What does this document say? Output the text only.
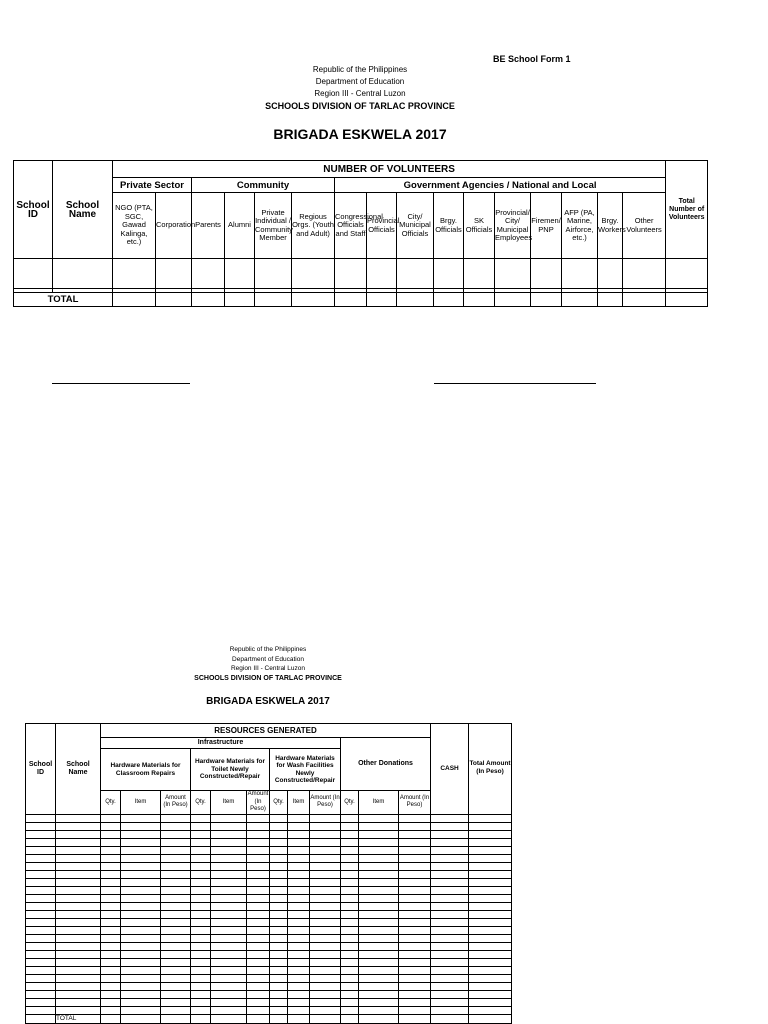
BE School Form 1
Republic of the Philippines
Department of Education
Region III - Central Luzon
SCHOOLS DIVISION OF TARLAC PROVINCE
BRIGADA ESKWELA 2017
School ID	School Name	NUMBER OF VOLUNTEERS																Total Number of Volunteers
		Private Sector		Community				Government Agencies / National and Local										
		NGO (PTA, SGC, Gawad Kalinga, etc.)	Corporation	Parents	Alumni	Private Individual / Community Member	Regious Orgs. (Youth and Adult)	Congressional Officials and Staff	Provincial Officials	City/ Municipal Officials	Brgy. Officials	SK Officials	Provincial/ City/ Municipal Employees	Firemen/ PNP	AFP (PA, Marine, Airforce, etc.)	Brgy. Workers	Other Volunteers	

TOTAL																		
Republic of the Philippines
Department of Education
Region III - Central Luzon
SCHOOLS DIVISION OF TARLAC PROVINCE
BRIGADA ESKWELA 2017
School ID	School Name	RESOURCES GENERATED												CASH	Total Amount (In Peso)
		Infrastructure									Other Donations				
		Hardware Materials for Classroom Repairs			Hardware Materials for Toilet Newly Constructed/Repair			Hardware Materials for Wash Facilities Newly Constructed/Repair							
		Qty.	Item	Amount (In Peso)	Qty.	Item	Amount (In Peso)	Qty.	Item	Amount (In Peso)	Qty.	Item	Amount (In Peso)		

	TOTAL														
